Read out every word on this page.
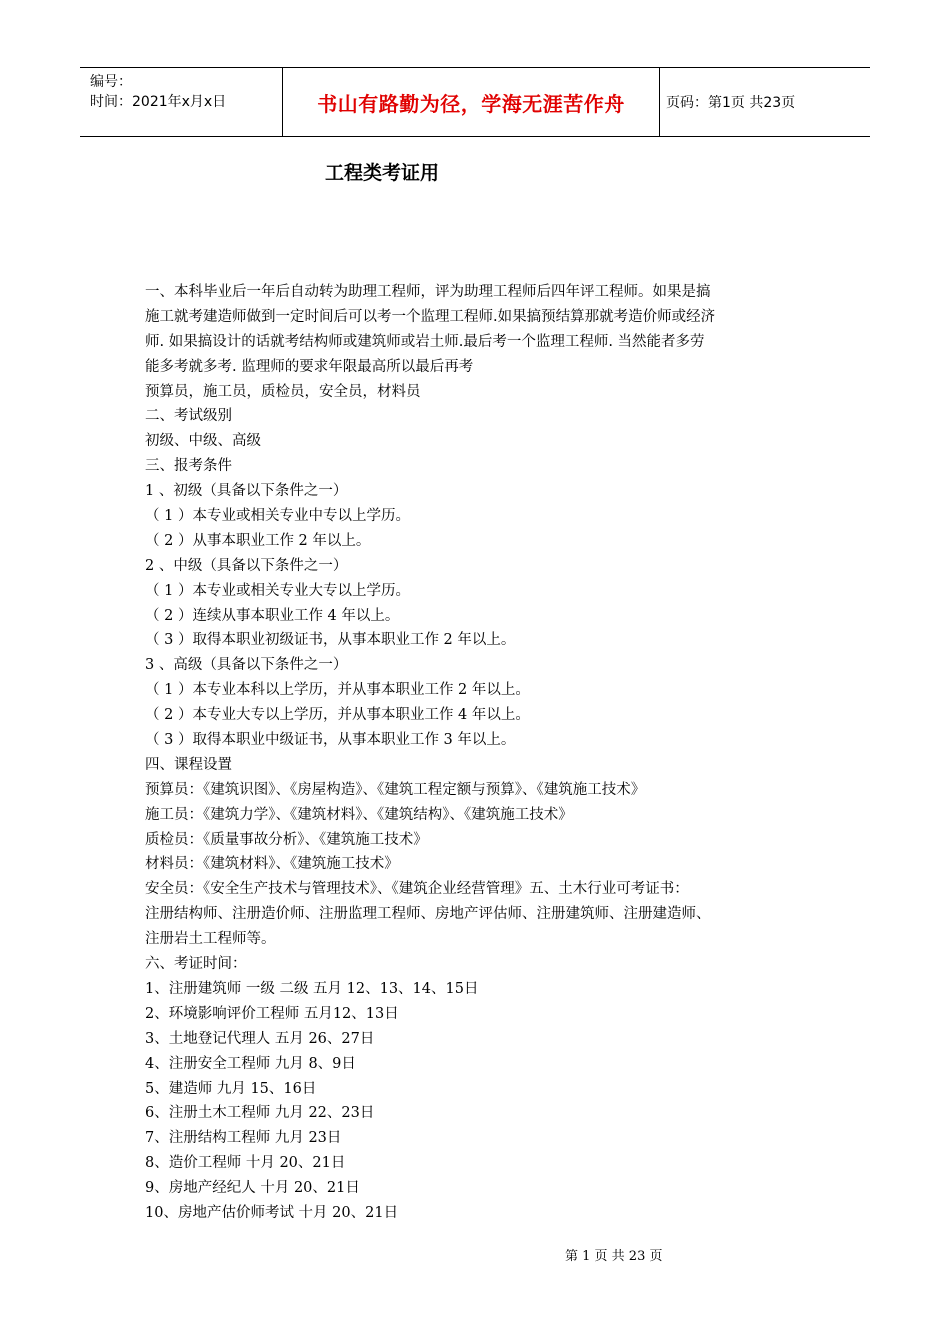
编号：
时间：2021年x月x日	书山有路勤为径，学海无涯苦作舟	页码：第1页 共23页
工程类考证用
一、本科毕业后一年后自动转为助理工程师，评为助理工程师后四年评工程师。如果是搞
施工就考建造师做到一定时间后可以考一个监理工程师.如果搞预结算那就考造价师或经济
师. 如果搞设计的话就考结构师或建筑师或岩土师.最后考一个监理工程师. 当然能者多劳
能多考就多考. 监理师的要求年限最高所以最后再考
预算员，施工员，质检员，安全员，材料员
二、考试级别
初级、中级、高级
三、报考条件
1 、初级（具备以下条件之一）
（ 1 ）本专业或相关专业中专以上学历。
（ 2 ）从事本职业工作 2 年以上。
2 、中级（具备以下条件之一）
（ 1 ）本专业或相关专业大专以上学历。
（ 2 ）连续从事本职业工作 4 年以上。
（ 3 ）取得本职业初级证书，从事本职业工作 2 年以上。
3 、高级（具备以下条件之一）
（ 1 ）本专业本科以上学历，并从事本职业工作 2 年以上。
（ 2 ）本专业大专以上学历，并从事本职业工作 4 年以上。
（ 3 ）取得本职业中级证书，从事本职业工作 3 年以上。
四、课程设置
预算员：《建筑识图》、《房屋构造》、《建筑工程定额与预算》、《建筑施工技术》
施工员：《建筑力学》、《建筑材料》、《建筑结构》、《建筑施工技术》
质检员：《质量事故分析》、《建筑施工技术》
材料员：《建筑材料》、《建筑施工技术》
安全员：《安全生产技术与管理技术》、《建筑企业经营管理》五、土木行业可考证书：
注册结构师、注册造价师、注册监理工程师、房地产评估师、注册建筑师、注册建造师、
注册岩土工程师等。
六、考证时间：
1、注册建筑师 一级 二级 五月 12、13、14、15日
2、环境影响评价工程师 五月12、13日
3、土地登记代理人 五月 26、27日
4、注册安全工程师 九月 8、9日
5、建造师 九月 15、16日
6、注册土木工程师 九月 22、23日
7、注册结构工程师 九月 23日
8、造价工程师 十月 20、21日
9、房地产经纪人 十月 20、21日
10、房地产估价师考试 十月 20、21日
第 1 页 共 23 页
